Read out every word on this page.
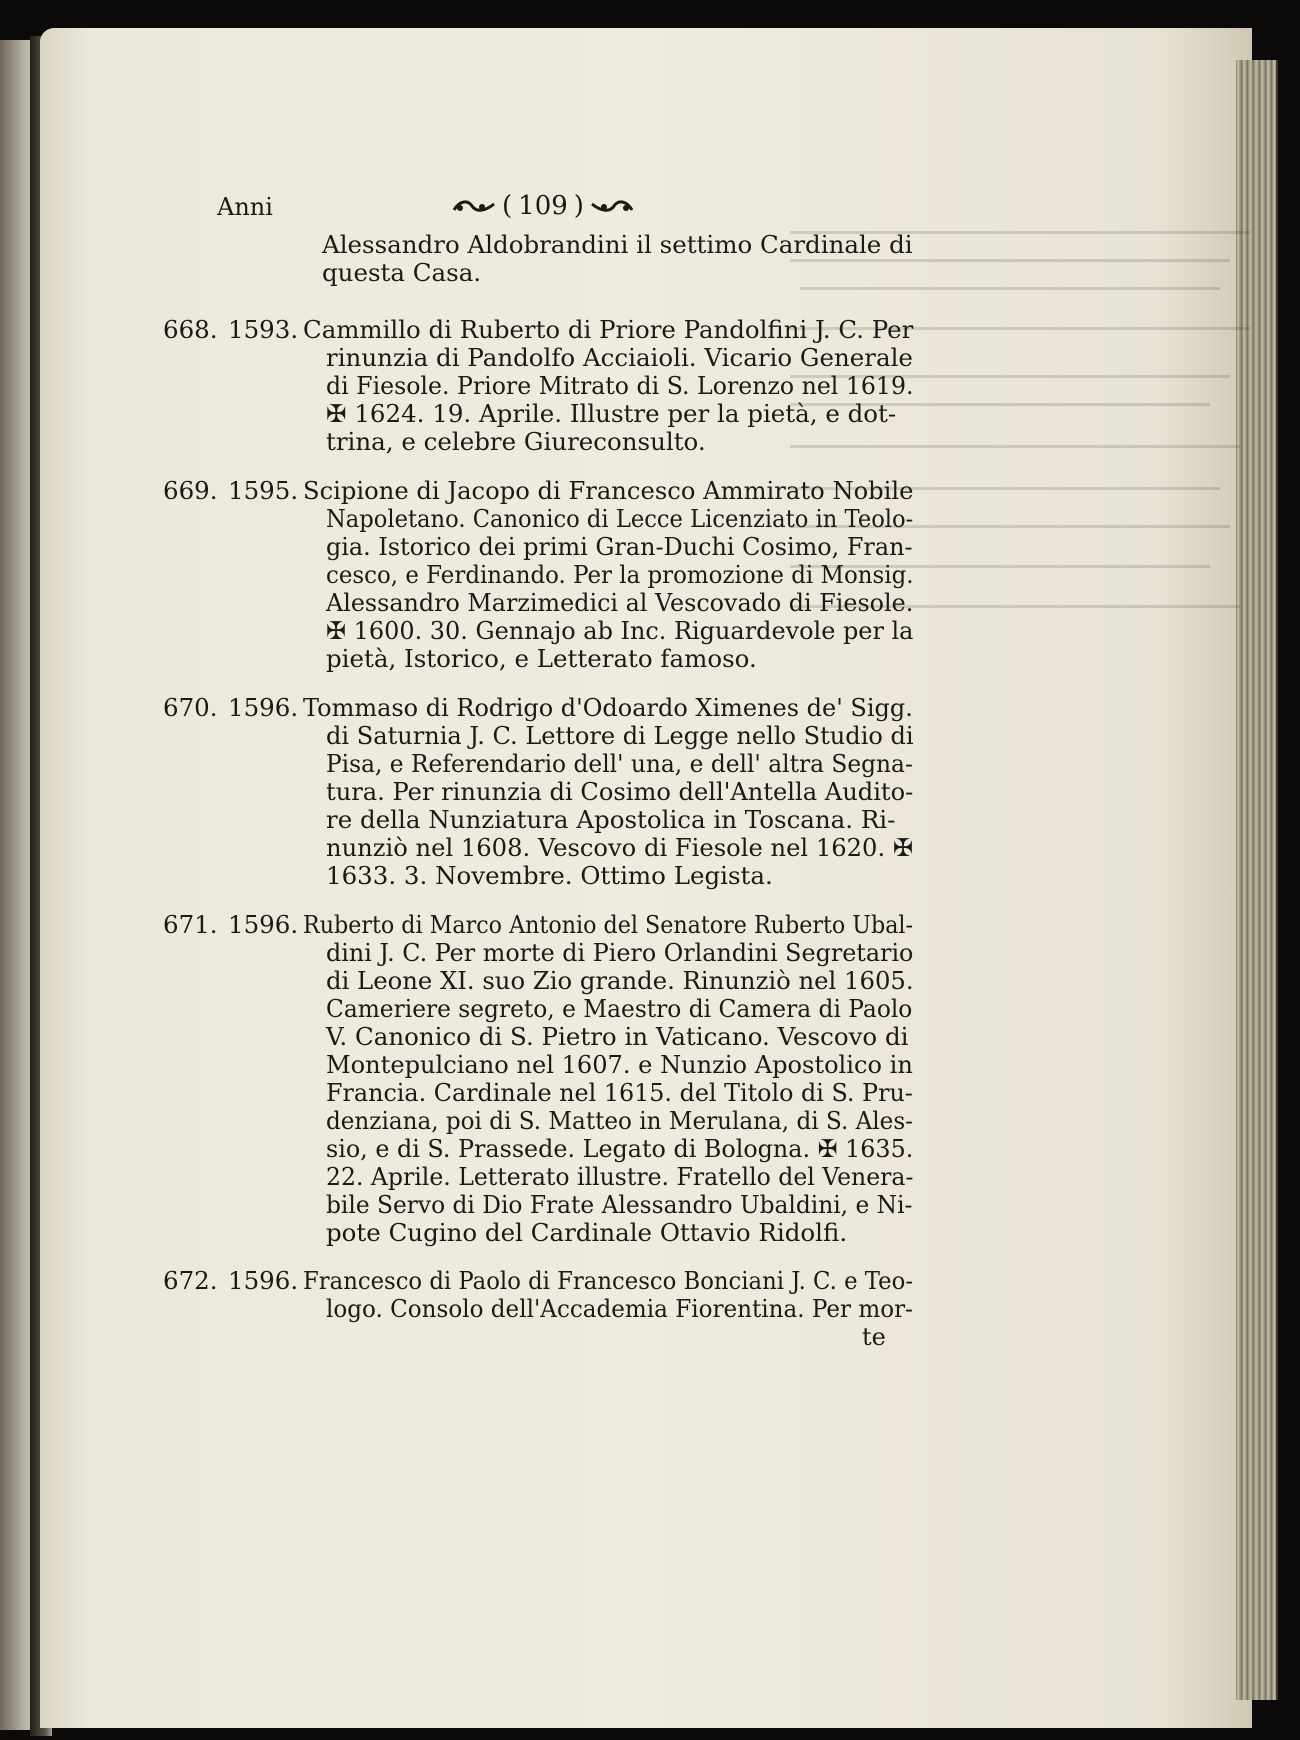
Anni	( 109 )
Alessandro Aldobrandini il settimo Cardinale di
questa Casa.
668. 1593. Cammillo di Ruberto di Priore Pandolfini J. C. Per
rinunzia di Pandolfo Acciaioli. Vicario Generale
di Fiesole. Priore Mitrato di S. Lorenzo nel 1619.
✠ 1624. 19. Aprile. Illustre per la pietà, e dot-
trina, e celebre Giureconsulto.
669. 1595. Scipione di Jacopo di Francesco Ammirato Nobile
Napoletano. Canonico di Lecce Licenziato in Teolo-
gia. Istorico dei primi Gran-Duchi Cosimo, Fran-
cesco, e Ferdinando. Per la promozione di Monsig.
Alessandro Marzimedici al Vescovado di Fiesole.
✠ 1600. 30. Gennajo ab Inc. Riguardevole per la
pietà, Istorico, e Letterato famoso.
670. 1596. Tommaso di Rodrigo d'Odoardo Ximenes de' Sigg.
di Saturnia J. C. Lettore di Legge nello Studio di
Pisa, e Referendario dell' una, e dell' altra Segna-
tura. Per rinunzia di Cosimo dell'Antella Audito-
re della Nunziatura Apostolica in Toscana. Ri-
nunziò nel 1608. Vescovo di Fiesole nel 1620. ✠
1633. 3. Novembre. Ottimo Legista.
671. 1596. Ruberto di Marco Antonio del Senatore Ruberto Ubal-
dini J. C. Per morte di Piero Orlandini Segretario
di Leone XI. suo Zio grande. Rinunziò nel 1605.
Cameriere segreto, e Maestro di Camera di Paolo
V. Canonico di S. Pietro in Vaticano. Vescovo di
Montepulciano nel 1607. e Nunzio Apostolico in
Francia. Cardinale nel 1615. del Titolo di S. Pru-
denziana, poi di S. Matteo in Merulana, di S. Ales-
sio, e di S. Prassede. Legato di Bologna. ✠ 1635.
22. Aprile. Letterato illustre. Fratello del Venera-
bile Servo di Dio Frate Alessandro Ubaldini, e Ni-
pote Cugino del Cardinale Ottavio Ridolfi.
672. 1596. Francesco di Paolo di Francesco Bonciani J. C. e Teo-
logo. Consolo dell'Accademia Fiorentina. Per mor-
te
